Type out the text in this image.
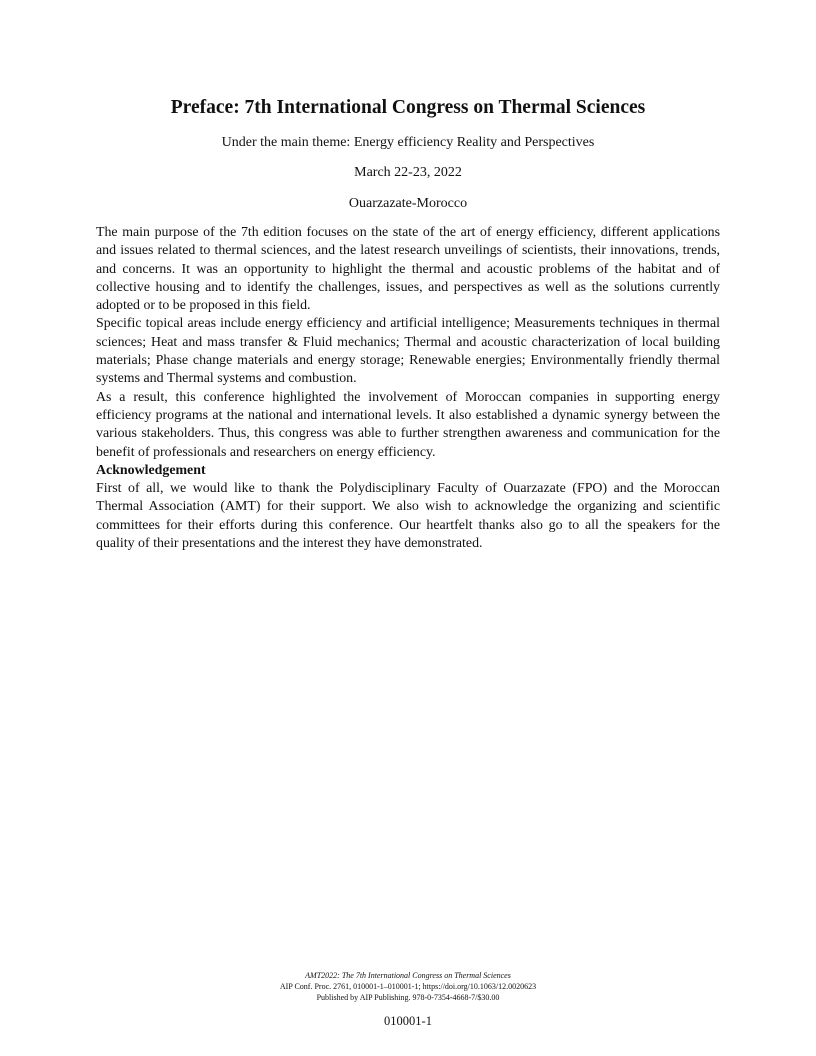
Preface: 7th International Congress on Thermal Sciences

Under the main theme: Energy efficiency Reality and Perspectives

March 22-23, 2022

Ouarzazate-Morocco

The main purpose of the 7th edition focuses on the state of the art of energy efficiency, different applications and issues related to thermal sciences, and the latest research unveilings of scientists, their innovations, trends, and concerns. It was an opportunity to highlight the thermal and acoustic problems of the habitat and of collective housing and to identify the challenges, issues, and perspectives as well as the solutions currently adopted or to be proposed in this field.

Specific topical areas include energy efficiency and artificial intelligence; Measurements techniques in thermal sciences; Heat and mass transfer & Fluid mechanics; Thermal and acoustic characterization of local building materials; Phase change materials and energy storage; Renewable energies; Environmentally friendly thermal systems and Thermal systems and combustion.

As a result, this conference highlighted the involvement of Moroccan companies in supporting energy efficiency programs at the national and international levels. It also established a dynamic synergy between the various stakeholders. Thus, this congress was able to further strengthen awareness and communication for the benefit of professionals and researchers on energy efficiency.

Acknowledgement

First of all, we would like to thank the Polydisciplinary Faculty of Ouarzazate (FPO) and the Moroccan Thermal Association (AMT) for their support. We also wish to acknowledge the organizing and scientific committees for their efforts during this conference. Our heartfelt thanks also go to all the speakers for the quality of their presentations and the interest they have demonstrated.

AMT2022: The 7th International Congress on Thermal Sciences
AIP Conf. Proc. 2761, 010001-1–010001-1; https://doi.org/10.1063/12.0020623
Published by AIP Publishing. 978-0-7354-4668-7/$30.00
010001-1
